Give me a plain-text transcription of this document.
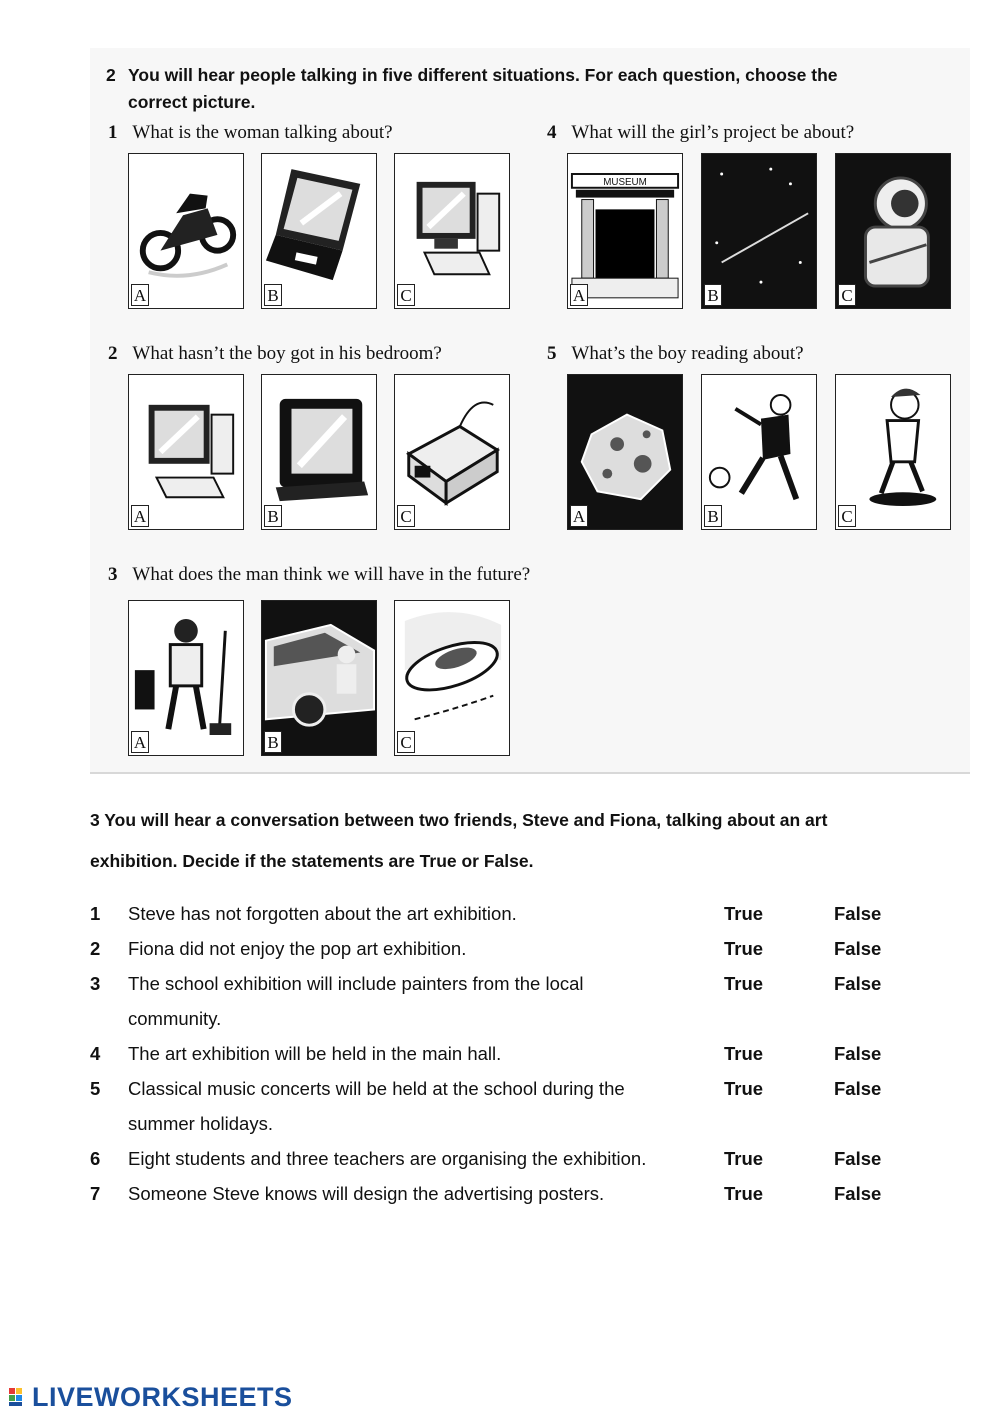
2 You will hear people talking in five different situations. For each question, choose the
correct picture.
1 What is the woman talking about?
A	B	C
4 What will the girl’s project be about?
MUSEUM
A	B	C
2 What hasn’t the boy got in his bedroom?
A	B	C
5 What’s the boy reading about?
A	B	C
3 What does the man think we will have in the future?
A	B	C
3 You will hear a conversation between two friends, Steve and Fiona, talking about an art
exhibition. Decide if the statements are True or False.
1 Steve has not forgotten about the art exhibition.	True	False
2 Fiona did not enjoy the pop art exhibition.	True	False
3 The school exhibition will include painters from the local	True	False
community.
4 The art exhibition will be held in the main hall.	True	False
5 Classical music concerts will be held at the school during the	True	False
summer holidays.
6 Eight students and three teachers are organising the exhibition.	True	False
7 Someone Steve knows will design the advertising posters.	True	False
LIVEWORKSHEETS
